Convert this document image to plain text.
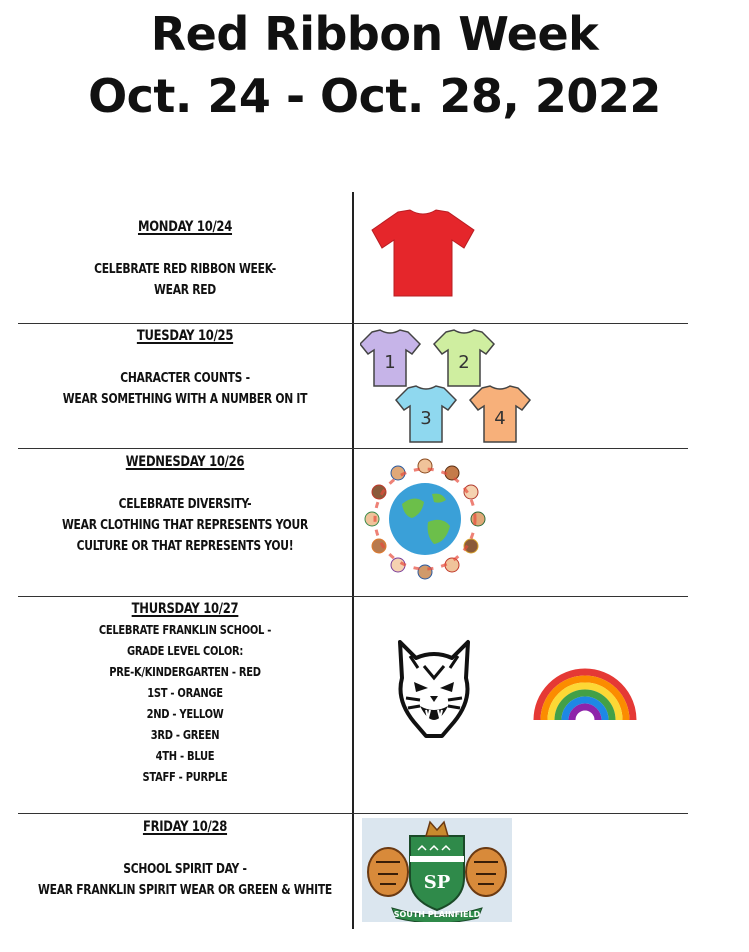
Red Ribbon Week
Oct. 24 - Oct. 28, 2022
MONDAY 10/24
CELEBRATE RED RIBBON WEEK-
WEAR RED
TUESDAY 10/25
CHARACTER COUNTS -
WEAR SOMETHING WITH A NUMBER ON IT
1	2
3	4
WEDNESDAY 10/26
CELEBRATE DIVERSITY-
WEAR CLOTHING THAT REPRESENTS YOUR
CULTURE OR THAT REPRESENTS YOU!
THURSDAY 10/27
CELEBRATE FRANKLIN SCHOOL -
GRADE LEVEL COLOR:
PRE-K/KINDERGARTEN - RED
1ST - ORANGE
2ND - YELLOW
3RD - GREEN
4TH - BLUE
STAFF - PURPLE
FRIDAY 10/28
SCHOOL SPIRIT DAY -
WEAR FRANKLIN SPIRIT WEAR OR GREEN & WHITE	SP
SOUTH PLAINFIELD
